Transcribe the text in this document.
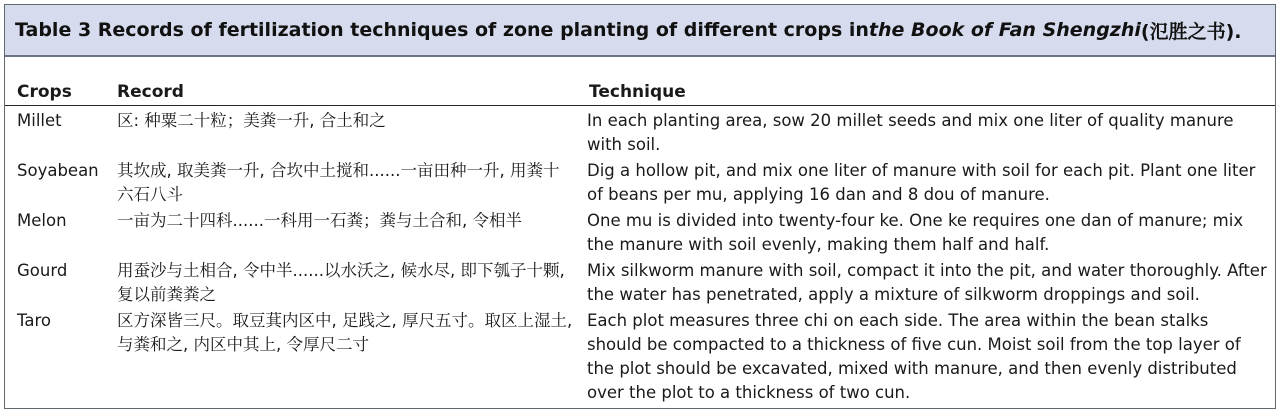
Table 3 Records of fertilization techniques of zone planting of different crops in the Book of Fan Shengzhi (氾胜之书).
Crops	Record	Technique
Millet	区: 种粟二十粒；美粪一升, 合土和之	In each planting area, sow 20 millet seeds and mix one liter of quality manure with soil.
Soyabean	其坎成, 取美粪一升, 合坎中土搅和......一亩田种一升, 用粪十六石八斗	Dig a hollow pit, and mix one liter of manure with soil for each pit. Plant one liter of beans per mu, applying 16 dan and 8 dou of manure.
Melon	一亩为二十四科......一科用一石粪；粪与土合和, 令相半	One mu is divided into twenty-four ke. One ke requires one dan of manure; mix the manure with soil evenly, making them half and half.
Gourd	用蚕沙与土相合, 令中半......以水沃之, 候水尽, 即下瓠子十颗, 复以前粪粪之	Mix silkworm manure with soil, compact it into the pit, and water thoroughly. After the water has penetrated, apply a mixture of silkworm droppings and soil.
Taro	区方深皆三尺。取豆萁内区中, 足践之, 厚尺五寸。取区上湿土, 与粪和之, 内区中其上, 令厚尺二寸	Each plot measures three chi on each side. The area within the bean stalks should be compacted to a thickness of five cun. Moist soil from the top layer of the plot should be excavated, mixed with manure, and then evenly distributed over the plot to a thickness of two cun.
